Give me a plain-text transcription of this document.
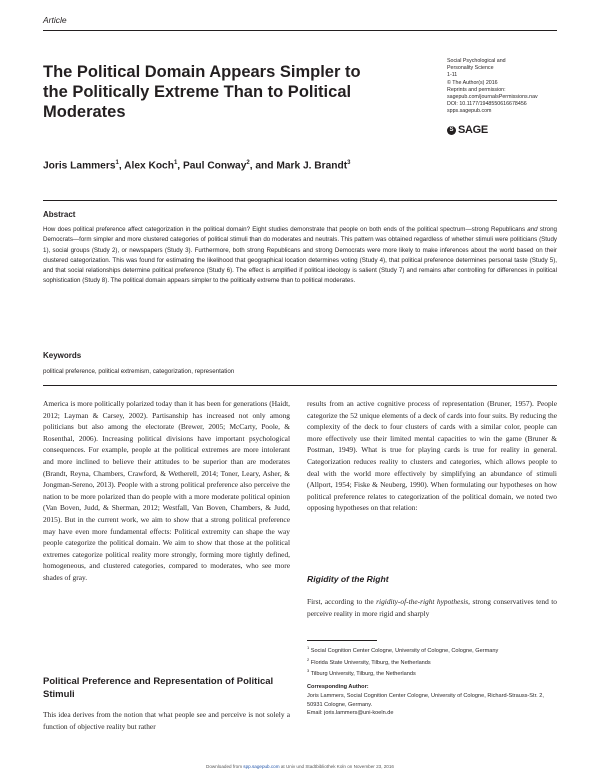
Article
Social Psychological and
Personality Science
1-11
© The Author(s) 2016
Reprints and permission:
sagepub.com/journalsPermissions.nav
DOI: 10.1177/1948550616678456
spps.sagepub.com
S SAGE
The Political Domain Appears Simpler to the Politically Extreme Than to Political Moderates
Joris Lammers$^1$, Alex Koch$^1$, Paul Conway$^2$, and Mark J. Brandt$^3$
Abstract

How does political preference affect categorization in the political domain? Eight studies demonstrate that people on both ends of the political spectrum—strong Republicans and strong Democrats—form simpler and more clustered categories of political stimuli than do moderates and neutrals. This pattern was obtained regardless of whether stimuli were politicians (Study 1), social groups (Study 2), or newspapers (Study 3). Furthermore, both strong Republicans and strong Democrats were more likely to make inferences about the world based on their clustered categorization. This was found for estimating the likelihood that geographical location determines voting (Study 4), that political preference determines personal taste (Study 5), and that social relationships determine political preference (Study 6). The effect is amplified if political ideology is salient (Study 7) and remains after controlling for differences in political sophistication (Study 8). The political domain appears simpler to the politically extreme than to political moderates.

Keywords
political preference, political extremism, categorization, representation

America is more politically polarized today than it has been for generations (Haidt, 2012; Layman & Carsey, 2002). Partisanship has increased not only among politicians but also among the electorate (Brewer, 2005; McCarty, Poole, & Rosenthal, 2006). Increasing political divisions have important psychological consequences. For example, people at the political extremes are more intolerant and more inclined to believe their attitudes to be superior than are moderates (Brandt, Reyna, Chambers, Crawford, & Wetherell, 2014; Toner, Leary, Asher, & Jongman-Sereno, 2013). People with a strong political preference also perceive the nation to be more polarized than do people with a more moderate political opinion (Van Boven, Judd, & Sherman, 2012; Westfall, Van Boven, Chambers, & Judd, 2015). But in the current work, we aim to show that a strong political preference may have even more fundamental effects: Political extremity can shape the way people categorize the political domain. We aim to show that those at the political extremes categorize political reality more strongly, forming more tightly defined, homogeneous, and clustered categories, compared to moderates, who see more shades of gray.

Political Preference and Representation of Political Stimuli

This idea derives from the notion that what people see and perceive is not solely a function of objective reality but rather

results from an active cognitive process of representation (Bruner, 1957). People categorize the 52 unique elements of a deck of cards into four suits. By reducing the complexity of the deck to four clusters of cards with a similar color, people can more effectively use their limited mental capacities to win the game (Bruner & Postman, 1949). What is true for playing cards is true for reality in general. Categorization reduces reality to clusters and categories, which allows people to deal with the world more effectively by simplifying an abundance of stimuli (Allport, 1954; Fiske & Neuberg, 1990). When formulating our hypotheses on how political preference relates to categorization of the political domain, we noted two opposing hypotheses on that relation:

Rigidity of the Right

First, according to the rigidity-of-the-right hypothesis, strong conservatives tend to perceive reality in more rigid and sharply

$^1$ Social Cognition Center Cologne, University of Cologne, Cologne, Germany
$^2$ Florida State University, Tilburg, the Netherlands
$^3$ Tilburg University, Tilburg, the Netherlands
Corresponding Author:
Joris Lammers, Social Cognition Center Cologne, University of Cologne, Richard-Strauss-Str. 2, 50931 Cologne, Germany.
Email: joris.lammers@uni-koeln.de
Downloaded from spp.sagepub.com at Univ und Stadtbibliothek Koln on November 23, 2016
